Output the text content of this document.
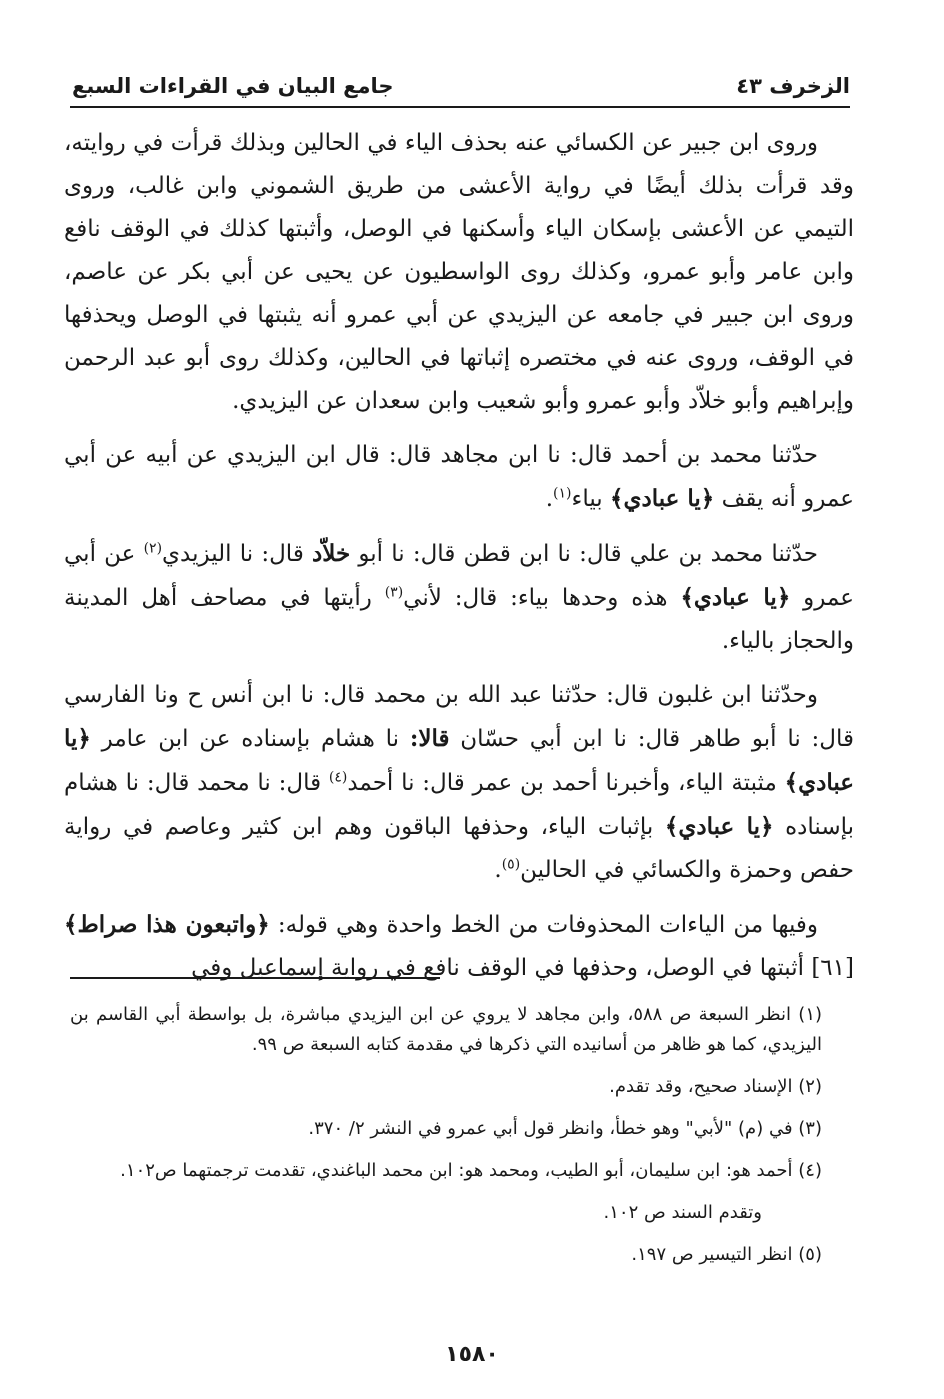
الزخرف ٤٣
جامع البيان في القراءات السبع

وروى ابن جبير عن الكسائي عنه بحذف الياء في الحالين وبذلك قرأت في روايته، وقد قرأت بذلك أيضًا في رواية الأعشى من طريق الشموني وابن غالب، وروى التيمي عن الأعشى بإسكان الياء وأسكنها في الوصل، وأثبتها كذلك في الوقف نافع وابن عامر وأبو عمرو، وكذلك روى الواسطيون عن يحيى عن أبي بكر عن عاصم، وروى ابن جبير في جامعه عن اليزيدي عن أبي عمرو أنه يثبتها في الوصل ويحذفها في الوقف، وروى عنه في مختصره إثباتها في الحالين، وكذلك روى أبو عبد الرحمن وإبراهيم وأبو خلاّد وأبو عمرو وأبو شعيب وابن سعدان عن اليزيدي.

حدّثنا محمد بن أحمد قال: نا ابن مجاهد قال: قال ابن اليزيدي عن أبيه عن أبي عمرو أنه يقف ﴿يا عبادي﴾ بياء$^{(١)}$.

حدّثنا محمد بن علي قال: نا ابن قطن قال: نا أبو خلاّد قال: نا اليزيدي$^{(٢)}$ عن أبي عمرو ﴿يا عبادي﴾ هذه وحدها بياء: قال: لأني$^{(٣)}$ رأيتها في مصاحف أهل المدينة والحجاز بالياء.

وحدّثنا ابن غلبون قال: حدّثنا عبد الله بن محمد قال: نا ابن أنس ح ونا الفارسي قال: نا أبو طاهر قال: نا ابن أبي حسّان قالا: نا هشام بإسناده عن ابن عامر ﴿يا عبادي﴾ مثبتة الياء، وأخبرنا أحمد بن عمر قال: نا أحمد$^{(٤)}$ قال: نا محمد قال: نا هشام بإسناده ﴿يا عبادي﴾ بإثبات الياء، وحذفها الباقون وهم ابن كثير وعاصم في رواية حفص وحمزة والكسائي في الحالين$^{(٥)}$.

وفيها من الياءات المحذوفات من الخط واحدة وهي قوله: ﴿واتبعون هذا صراط﴾ [٦١] أثبتها في الوصل، وحذفها في الوقف نافع في رواية إسماعيل وفي

(١) انظر السبعة ص ٥٨٨، وابن مجاهد لا يروي عن ابن اليزيدي مباشرة، بل بواسطة أبي القاسم بن اليزيدي، كما هو ظاهر من أسانيده التي ذكرها في مقدمة كتابه السبعة ص ٩٩.

(٢) الإسناد صحيح، وقد تقدم.

(٣) في (م) "لأبي" وهو خطأ، وانظر قول أبي عمرو في النشر ٢/ ٣٧٠.

(٤) أحمد هو: ابن سليمان، أبو الطيب، ومحمد هو: ابن محمد الباغندي، تقدمت ترجمتهما ص١٠٢.

وتقدم السند ص ١٠٢.

(٥) انظر التيسير ص ١٩٧.

١٥٨٠
